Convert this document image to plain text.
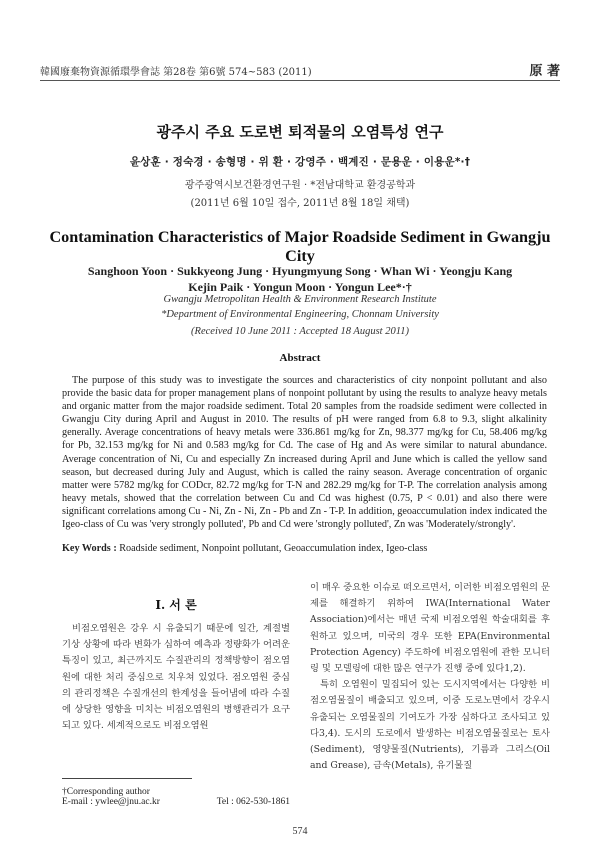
韓國廢棄物資源循環學會誌 第28卷 第6號 574~583 (2011)	原 著
광주시 주요 도로변 퇴적물의 오염특성 연구
윤상훈 · 정숙경 · 송형명 · 위 환 · 강영주 · 백계진 · 문용운 · 이용운*·†
광주광역시보건환경연구원 · *전남대학교 환경공학과
(2011년 6월 10일 접수, 2011년 8월 18일 채택)
Contamination Characteristics of Major Roadside Sediment in Gwangju City
Sanghoon Yoon · Sukkyeong Jung · Hyungmyung Song · Whan Wi · Yeongju Kang
Kejin Paik · Yongun Moon · Yongun Lee*·†
Gwangju Metropolitan Health & Environment Research Institute
*Department of Environmental Engineering, Chonnam University
(Received 10 June 2011 : Accepted 18 August 2011)
Abstract

The purpose of this study was to investigate the sources and characteristics of city nonpoint pollutant and also provide the basic data for proper management plans of nonpoint pollutant by using the results to analyze heavy metals and organic matter from the major roadside sediment. Total 20 samples from the roadside sediment were collected in Gwangju City during April and August in 2010. The results of pH were ranged from 6.8 to 9.3, slight alkalinity generally. Average concentrations of heavy metals were 336.861 mg/kg for Zn, 98.377 mg/kg for Cu, 58.406 mg/kg for Pb, 32.153 mg/kg for Ni and 0.583 mg/kg for Cd. The case of Hg and As were similar to natural abundance. Average concentration of Ni, Cu and especially Zn increased during April and June which is called the yellow sand season, but decreased during July and August, which is called the rainy season. Average concentration of organic matter were 5782 mg/kg for CODcr, 82.72 mg/kg for T-N and 282.29 mg/kg for T-P. The correlation analysis among heavy metals, showed that the correlation between Cu and Cd was highest (0.75, P < 0.01) and also there were significant correlations among Cu - Ni, Zn - Ni, Zn - Pb and Zn - T-P. In addition, geoaccumulation index indicated the Igeo-class of Cu was 'very strongly polluted', Pb and Cd were 'strongly polluted', Zn was 'Moderately/strongly'.

Key Words : Roadside sediment, Nonpoint pollutant, Geoaccumulation index, Igeo-class
I. 서 론

비점오염원은 강우 시 유출되기 때문에 일간, 계절별 기상 상황에 따라 변화가 심하여 예측과 정량화가 어려운 특징이 있고, 최근까지도 수질관리의 정책방향이 점오염원에 대한 처리 중심으로 치우쳐 있었다. 점오염원 중심의 관리정책은 수질개선의 한계성을 들어냄에 따라 수질에 상당한 영향을 미치는 비점오염원의 병행관리가 요구되고 있다. 세계적으로도 비점오염원

이 매우 중요한 이슈로 떠오르면서, 이러한 비점오염원의 문제를 해결하기 위하여 IWA(International Water Association)에서는 매년 국제 비점오염원 학술대회를 후원하고 있으며, 미국의 경우 또한 EPA(Environmental Protection Agency) 주도하에 비점오염원에 관한 모니터링 및 모델링에 대한 많은 연구가 진행 중에 있다1,2).

특히 오염원이 밀집되어 있는 도시지역에서는 다양한 비점오염물질이 배출되고 있으며, 이중 도로노면에서 강우시 유출되는 오염물질의 기여도가 가장 심하다고 조사되고 있다3,4). 도시의 도로에서 발생하는 비점오염물질로는 토사(Sediment), 영양물질(Nutrients), 기름과 그리스(Oil and Grease), 금속(Metals), 유기물질

†Corresponding author
E-mail : ywlee@jnu.ac.kr	Tel : 062-530-1861
574
